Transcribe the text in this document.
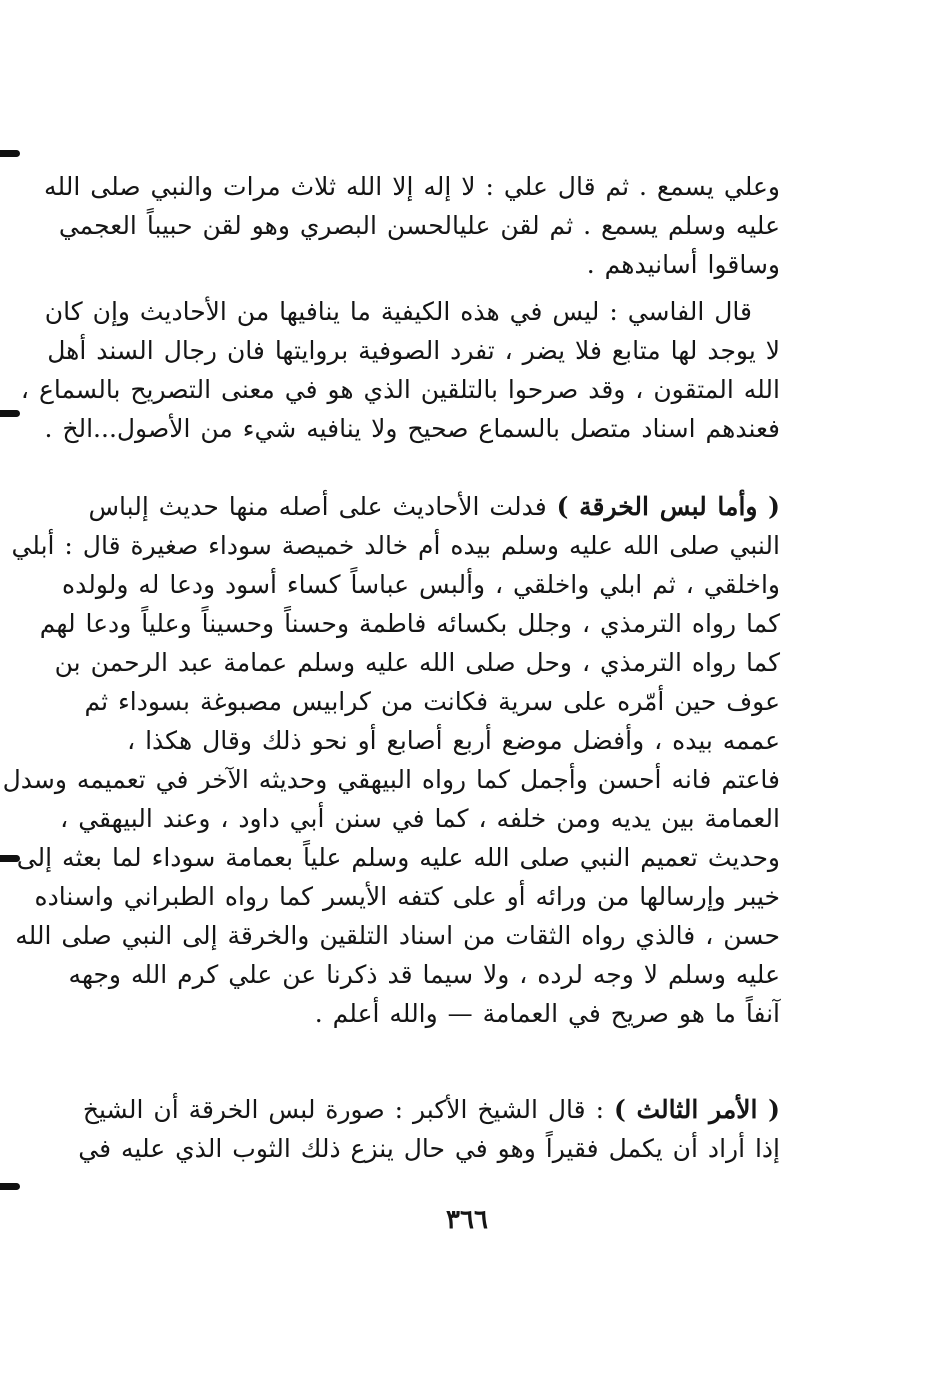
وعلي يسمع . ثم قال علي : لا إله إلا الله ثلاث مرات والنبي صلى الله
عليه وسلم يسمع . ثم لقن عليالحسن البصري وهو لقن حبيباً العجمي
وساقوا أسانيدهم .
قال الفاسي : ليس في هذه الكيفية ما ينافيها من الأحاديث وإن كان
لا يوجد لها متابع فلا يضر ، تفرد الصوفية بروايتها فان رجال السند أهل
الله المتقون ، وقد صرحوا بالتلقين الذي هو في معنى التصريح بالسماع ،
فعندهم اسناد متصل بالسماع صحيح ولا ينافيه شيء من الأصول...الخ .
( وأما لبس الخرقة ) فدلت الأحاديث على أصله منها حديث إلباس
النبي صلى الله عليه وسلم بيده أم خالد خميصة سوداء صغيرة قال : أبلي
واخلقي ، ثم ابلي واخلقي ، وألبس عباساً كساء أسود ودعا له ولولده
كما رواه الترمذي ، وجلل بكسائه فاطمة وحسناً وحسيناً وعلياً ودعا لهم
كما رواه الترمذي ، وحل صلى الله عليه وسلم عمامة عبد الرحمن بن
عوف حين أمّره على سرية فكانت من كرابيس مصبوغة بسوداء ثم
عممه بيده ، وأفضل موضع أربع أصابع أو نحو ذلك وقال هكذا ،
فاعتم فانه أحسن وأجمل كما رواه البيهقي وحديثه الآخر في تعميمه وسدل
العمامة بين يديه ومن خلفه ، كما في سنن أبي داود ، وعند البيهقي ،
وحديث تعميم النبي صلى الله عليه وسلم علياً بعمامة سوداء لما بعثه إلى
خيبر وإرسالها من ورائه أو على كتفه الأيسر كما رواه الطبراني واسناده
حسن ، فالذي رواه الثقات من اسناد التلقين والخرقة إلى النبي صلى الله
عليه وسلم لا وجه لرده ، ولا سيما قد ذكرنا عن علي كرم الله وجهه
آنفاً ما هو صريح في العمامة — والله أعلم .
( الأمر الثالث ) : قال الشيخ الأكبر : صورة لبس الخرقة أن الشيخ
إذا أراد أن يكمل فقيراً وهو في حال ينزع ذلك الثوب الذي عليه في
٣٦٦
